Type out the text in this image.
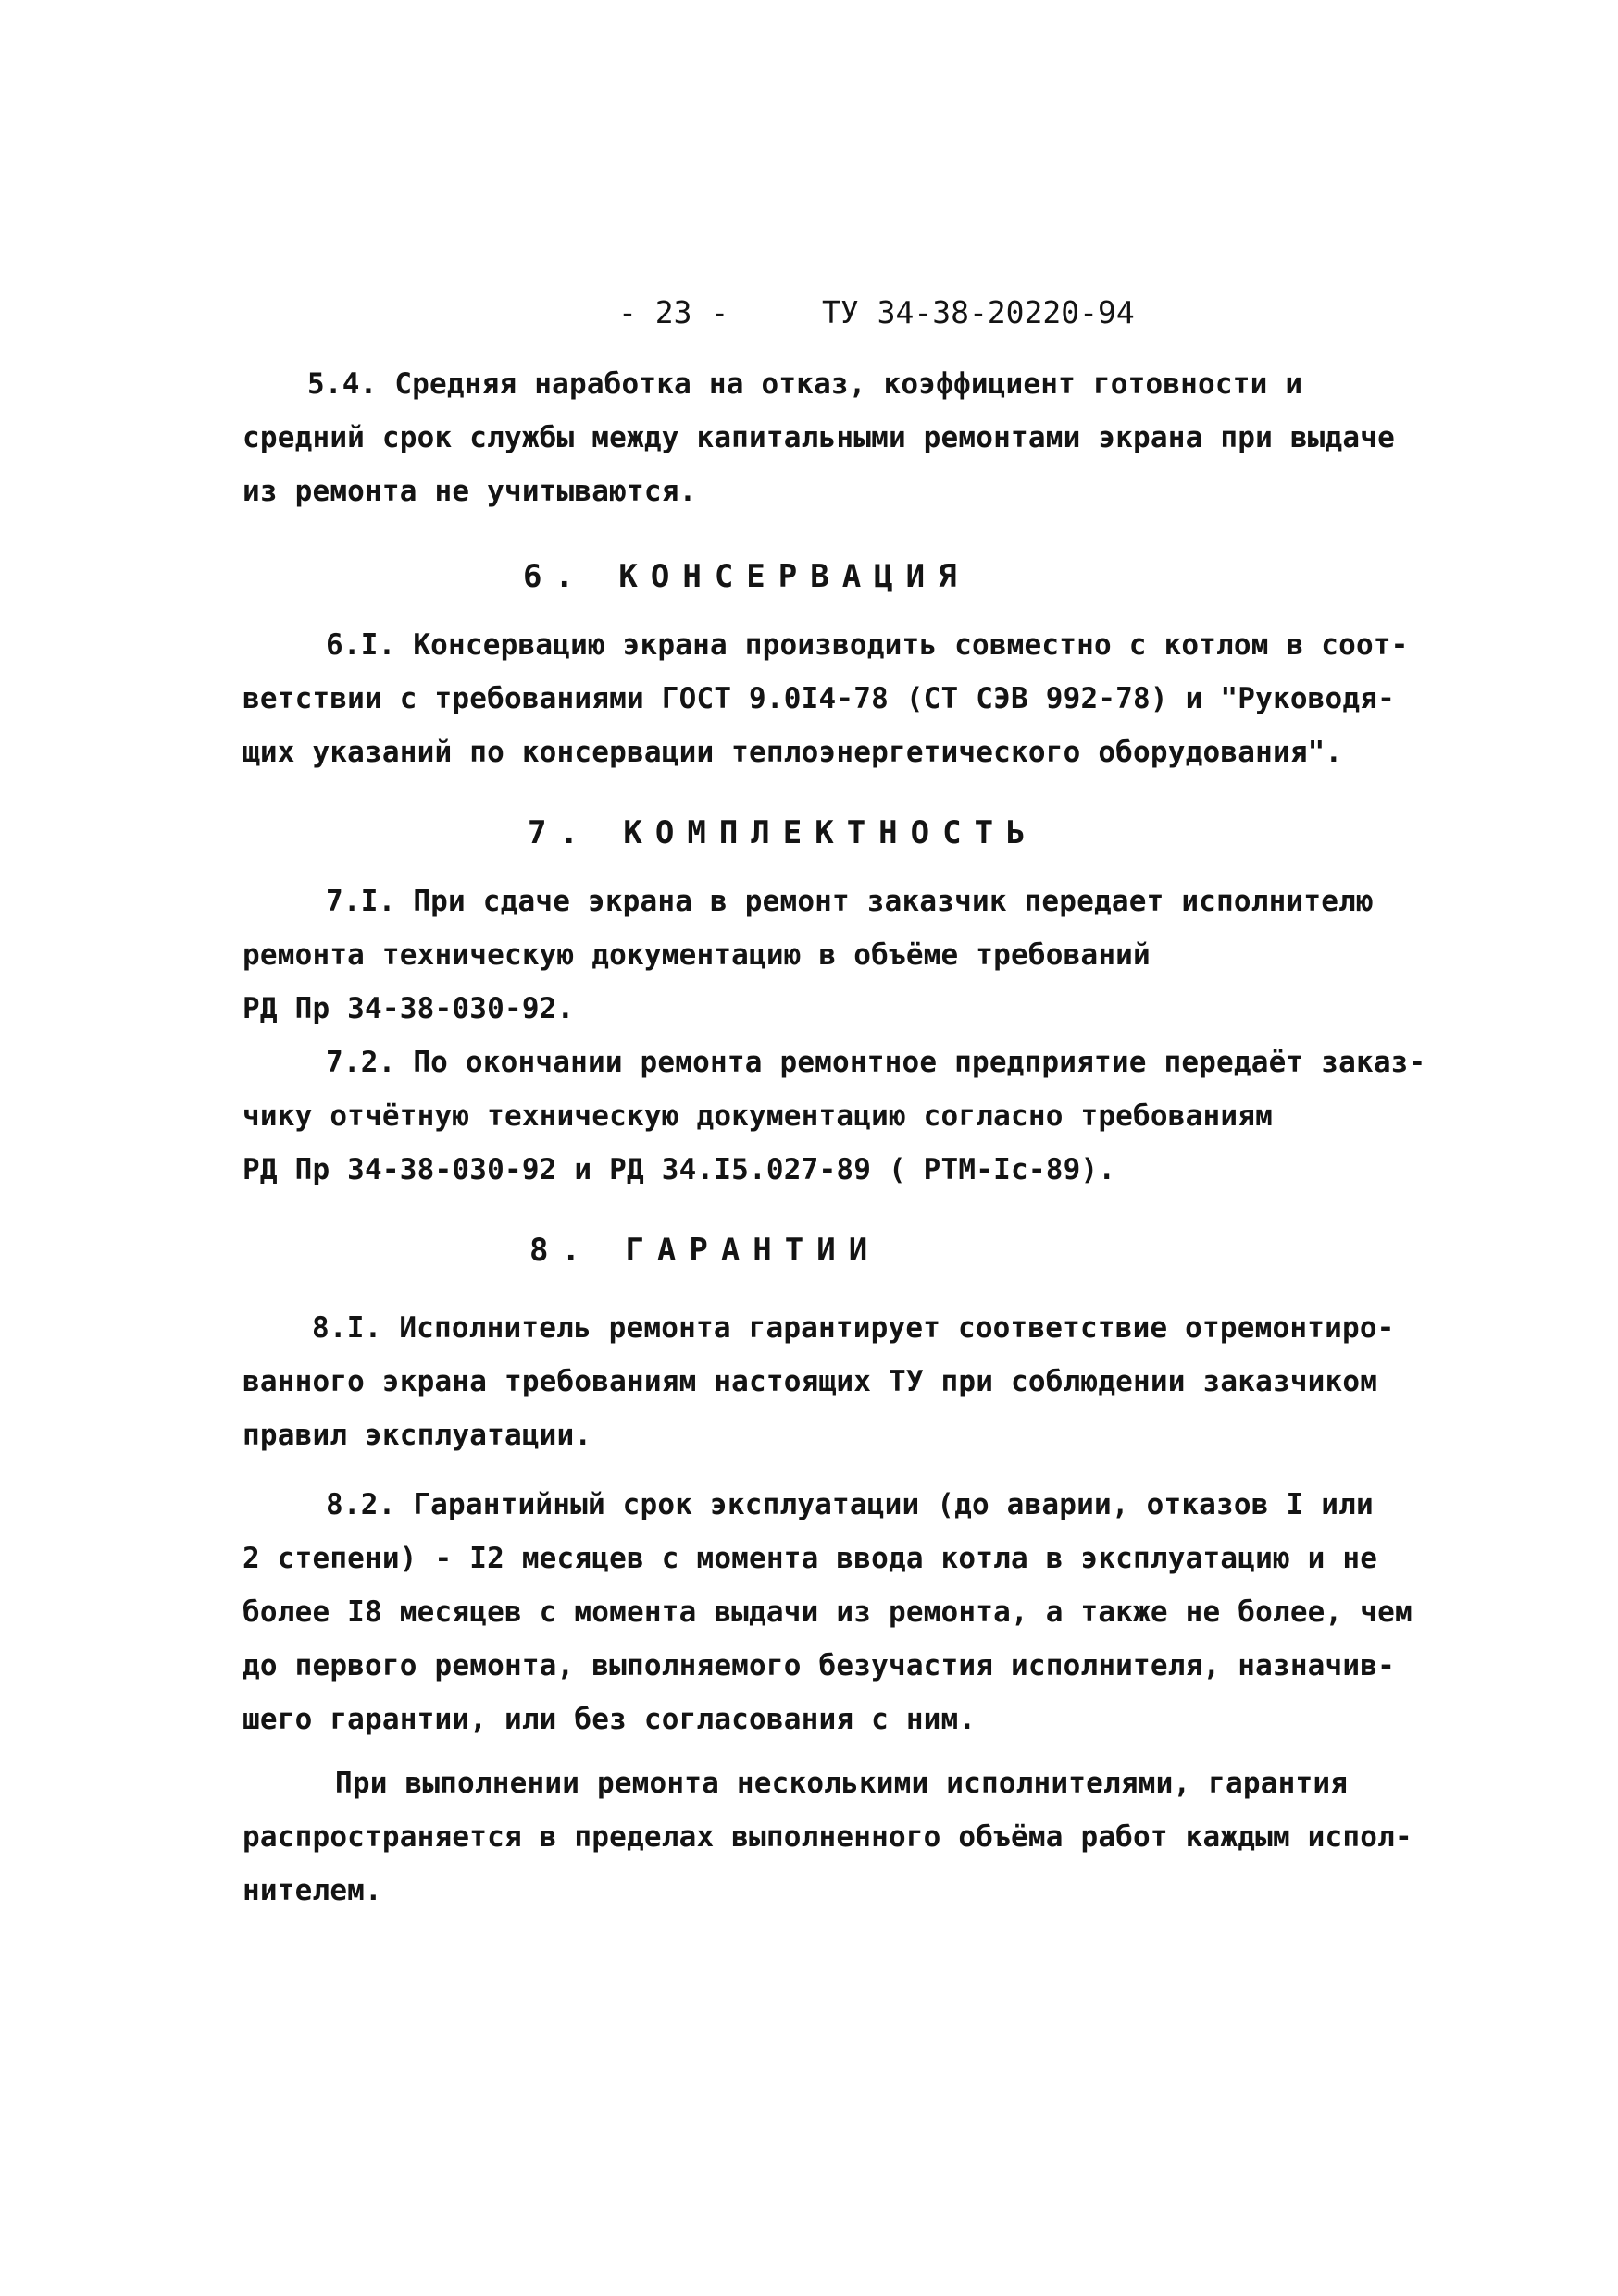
- 23 -	ТУ 34-38-20220-94
5.4. Средняя наработка на отказ, коэффициент готовности и
средний срок службы между капитальными ремонтами экрана при выдаче
из ремонта не учитываются.
6. КОНСЕРВАЦИЯ
6.I. Консервацию экрана производить совместно с котлом в соот-
ветствии с требованиями ГОСТ 9.0I4-78 (СТ СЭВ 992-78) и "Руководя-
щих указаний по консервации теплоэнергетического оборудования".
7. КОМПЛЕКТНОСТЬ
7.I. При сдаче экрана в ремонт заказчик передает исполнителю
ремонта техническую документацию в объёме требований
РД Пр 34-38-030-92.
7.2. По окончании ремонта ремонтное предприятие передаёт заказ-
чику отчётную техническую документацию согласно требованиям
РД Пр 34-38-030-92 и РД 34.I5.027-89 ( РТМ-Iс-89).
8. ГАРАНТИИ
8.I. Исполнитель ремонта гарантирует соответствие отремонтиро-
ванного экрана требованиям настоящих ТУ при соблюдении заказчиком
правил эксплуатации.
8.2. Гарантийный срок эксплуатации (до аварии, отказов I или
2 степени) - I2 месяцев с момента ввода котла в эксплуатацию и не
более I8 месяцев с момента выдачи из ремонта, а также не более, чем
до первого ремонта, выполняемого безучастия исполнителя, назначив-
шего гарантии, или без согласования с ним.
При выполнении ремонта несколькими исполнителями, гарантия
распространяется в пределах выполненного объёма работ каждым испол-
нителем.
